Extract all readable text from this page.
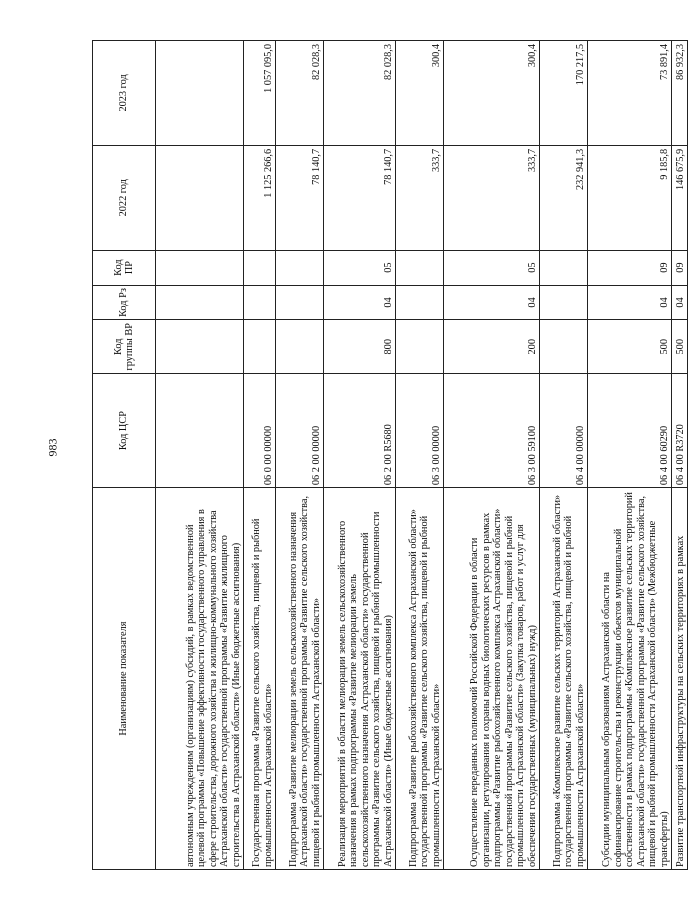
983
Наименование показателя	Код ЦСР	Код группы ВР	Код Рз	Код ПР	2022 год	2023 год
автономным учреждениям (организациям) субсидий, в рамках ведомственной целевой программы «Повышение эффективности государственного управления в сфере строительства, дорожного хозяйства и жилищно-коммунального хозяйства Астраханской области» государственной программы «Развитие жилищного строительства в Астраханской области» (Иные бюджетные ассигнования)						
Государственная программа «Развитие сельского хозяйства, пищевой и рыбной промышленности Астраханской области»	06 0 00 00000				1 125 266,6	1 057 095,0
Подпрограмма «Развитие мелиорации земель сельскохозяйственного назначения Астраханской области» государственной программы «Развитие сельского хозяйства, пищевой и рыбной промышленности Астраханской области»	06 2 00 00000				78 140,7	82 028,3
Реализация мероприятий в области мелиорации земель сельскохозяйственного назначения в рамках подпрограммы «Развитие мелиорации земель сельскохозяйственного назначения Астраханской области» государственной программы «Развитие сельского хозяйства, пищевой и рыбной промышленности Астраханской области» (Иные бюджетные ассигнования)	06 2 00 R5680	800	04	05	78 140,7	82 028,3
Подпрограмма «Развитие рыбохозяйственного комплекса Астраханской области» государственной программы «Развитие сельского хозяйства, пищевой и рыбной промышленности Астраханской области»	06 3 00 00000				333,7	300,4
Осуществление переданных полномочий Российской Федерации в области организации, регулирования и охраны водных биологических ресурсов в рамках подпрограммы «Развитие рыбохозяйственного комплекса Астраханской области» государственной программы «Развитие сельского хозяйства, пищевой и рыбной промышленности Астраханской области» (Закупка товаров, работ и услуг для обеспечения государственных (муниципальных) нужд)	06 3 00 59100	200	04	05	333,7	300,4
Подпрограмма «Комплексное развитие сельских территорий Астраханской области» государственной программы «Развитие сельского хозяйства, пищевой и рыбной промышленности Астраханской области»	06 4 00 00000				232 941,3	170 217,5
Субсидии муниципальным образованиям Астраханской области на софинансирование строительства и реконструкции объектов муниципальной собственности в рамках подпрограммы «Комплексное развитие сельских территорий Астраханской области» государственной программы «Развитие сельского хозяйства, пищевой и рыбной промышленности Астраханской области» (Межбюджетные трансферты)	06 4 00 60290	500	04	09	9 185,8	73 891,4
Развитие транспортной инфраструктуры на сельских территориях в рамках	06 4 00 R3720	500	04	09	146 675,9	86 932,3
